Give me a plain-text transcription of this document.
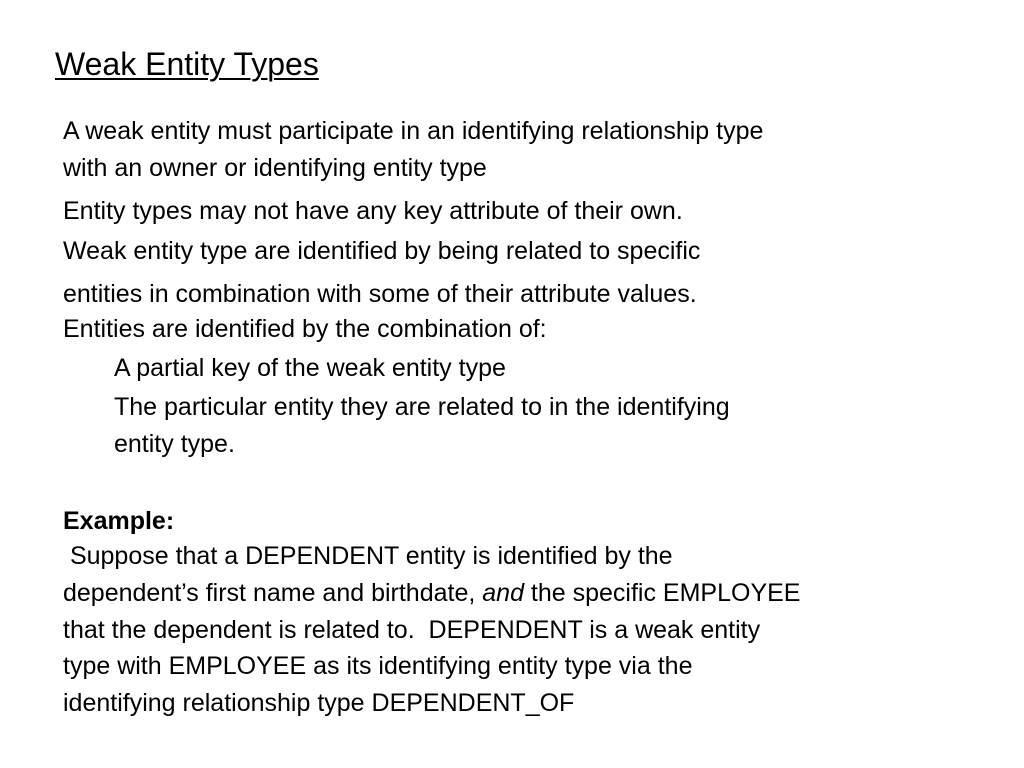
Weak Entity Types
A weak entity must participate in an identifying relationship type
with an owner or identifying entity type
Entity types may not have any key attribute of their own.
Weak entity type are identified by being related to specific
entities in combination with some of their attribute values.
Entities are identified by the combination of:
A partial key of the weak entity type
The particular entity they are related to in the identifying
entity type.
Example:
Suppose that a DEPENDENT entity is identified by the
dependent’s first name and birthdate, and the specific EMPLOYEE
that the dependent is related to.  DEPENDENT is a weak entity
type with EMPLOYEE as its identifying entity type via the
identifying relationship type DEPENDENT_OF
